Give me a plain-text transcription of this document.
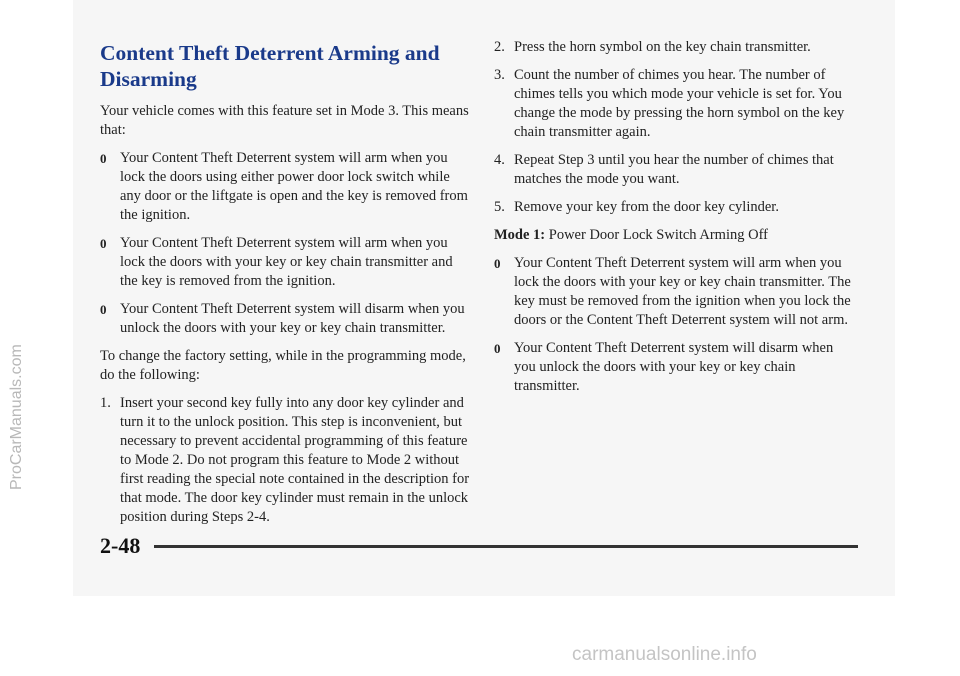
Content Theft Deterrent Arming and Disarming

Your vehicle comes with this feature set in Mode 3. This means that:

0 Your Content Theft Deterrent system will arm when you lock the doors using either power door lock switch while any door or the liftgate is open and the key is removed from the ignition.
0 Your Content Theft Deterrent system will arm when you lock the doors with your key or key chain transmitter and the key is removed from the ignition.
0 Your Content Theft Deterrent system will disarm when you unlock the doors with your key or key chain transmitter.

To change the factory setting, while in the programming mode, do the following:

1. Insert your second key fully into any door key cylinder and turn it to the unlock position. This step is inconvenient, but necessary to prevent accidental programming of this feature to Mode 2. Do not program this feature to Mode 2 without first reading the special note contained in the description for that mode. The door key cylinder must remain in the unlock position during Steps 2-4.
2. Press the horn symbol on the key chain transmitter.
3. Count the number of chimes you hear. The number of chimes tells you which mode your vehicle is set for. You change the mode by pressing the horn symbol on the key chain transmitter again.
4. Repeat Step 3 until you hear the number of chimes that matches the mode you want.
5. Remove your key from the door key cylinder.
Mode 1: Power Door Lock Switch Arming Off
0 Your Content Theft Deterrent system will arm when you lock the doors with your key or key chain transmitter. The key must be removed from the ignition when you lock the doors or the Content Theft Deterrent system will not arm.
0 Your Content Theft Deterrent system will disarm when you unlock the doors with your key or key chain transmitter.
2-48
ProCarManuals.com
carmanualsonline.info
